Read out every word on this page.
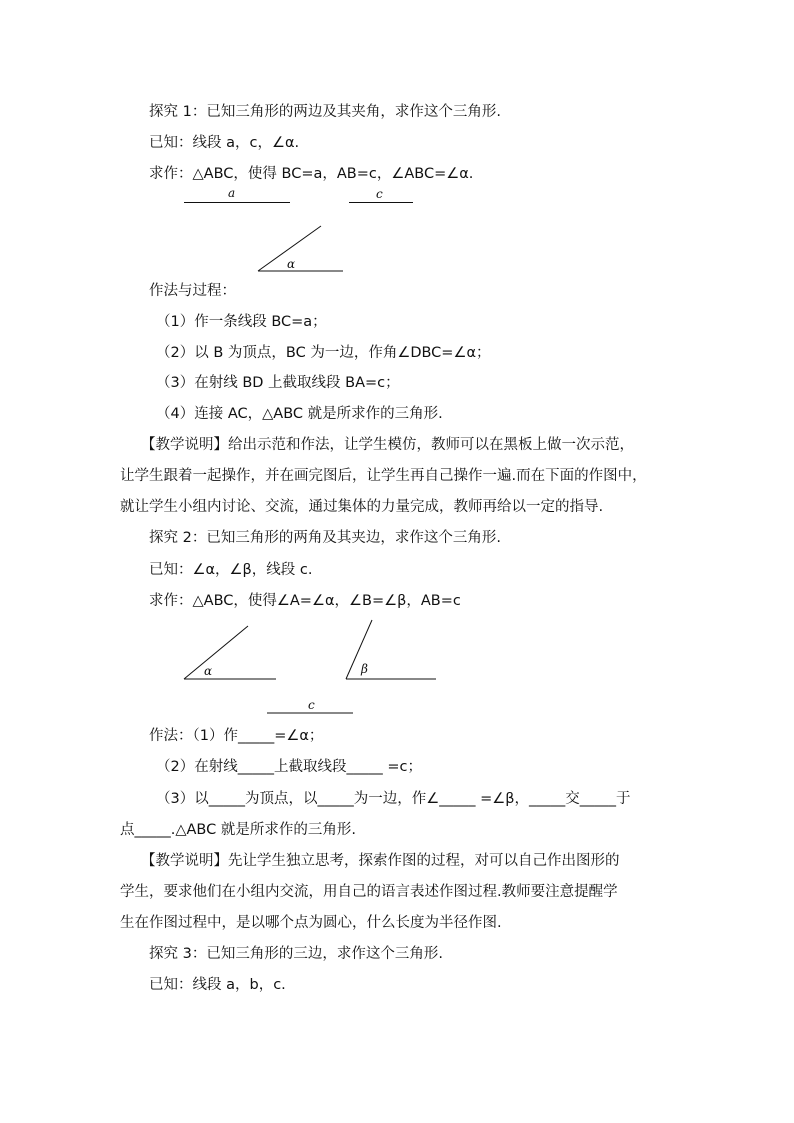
探究 1：已知三角形的两边及其夹角，求作这个三角形.
已知：线段 a，c，∠α.
求作：△ABC，使得 BC=a，AB=c，∠ABC=∠α.
a	c
α
作法与过程：
（1）作一条线段 BC=a；
（2）以 B 为顶点，BC 为一边，作角∠DBC=∠α；
（3）在射线 BD 上截取线段 BA=c；
（4）连接 AC，△ABC 就是所求作的三角形.
【教学说明】给出示范和作法，让学生模仿，教师可以在黑板上做一次示范，
让学生跟着一起操作，并在画完图后，让学生再自己操作一遍.而在下面的作图中，
就让学生小组内讨论、交流，通过集体的力量完成，教师再给以一定的指导.
探究 2：已知三角形的两角及其夹边，求作这个三角形.
已知：∠α，∠β，线段 c.
求作：△ABC，使得∠A=∠α，∠B=∠β，AB=c
α	β
c
作法：（1）作_____=∠α；
（2）在射线_____上截取线段_____ =c；
（3）以_____为顶点，以_____为一边，作∠_____ =∠β，_____交_____于
点_____.△ABC 就是所求作的三角形.
【教学说明】先让学生独立思考，探索作图的过程，对可以自己作出图形的
学生，要求他们在小组内交流，用自己的语言表述作图过程.教师要注意提醒学
生在作图过程中，是以哪个点为圆心，什么长度为半径作图.
探究 3：已知三角形的三边，求作这个三角形.
已知：线段 a，b，c.
